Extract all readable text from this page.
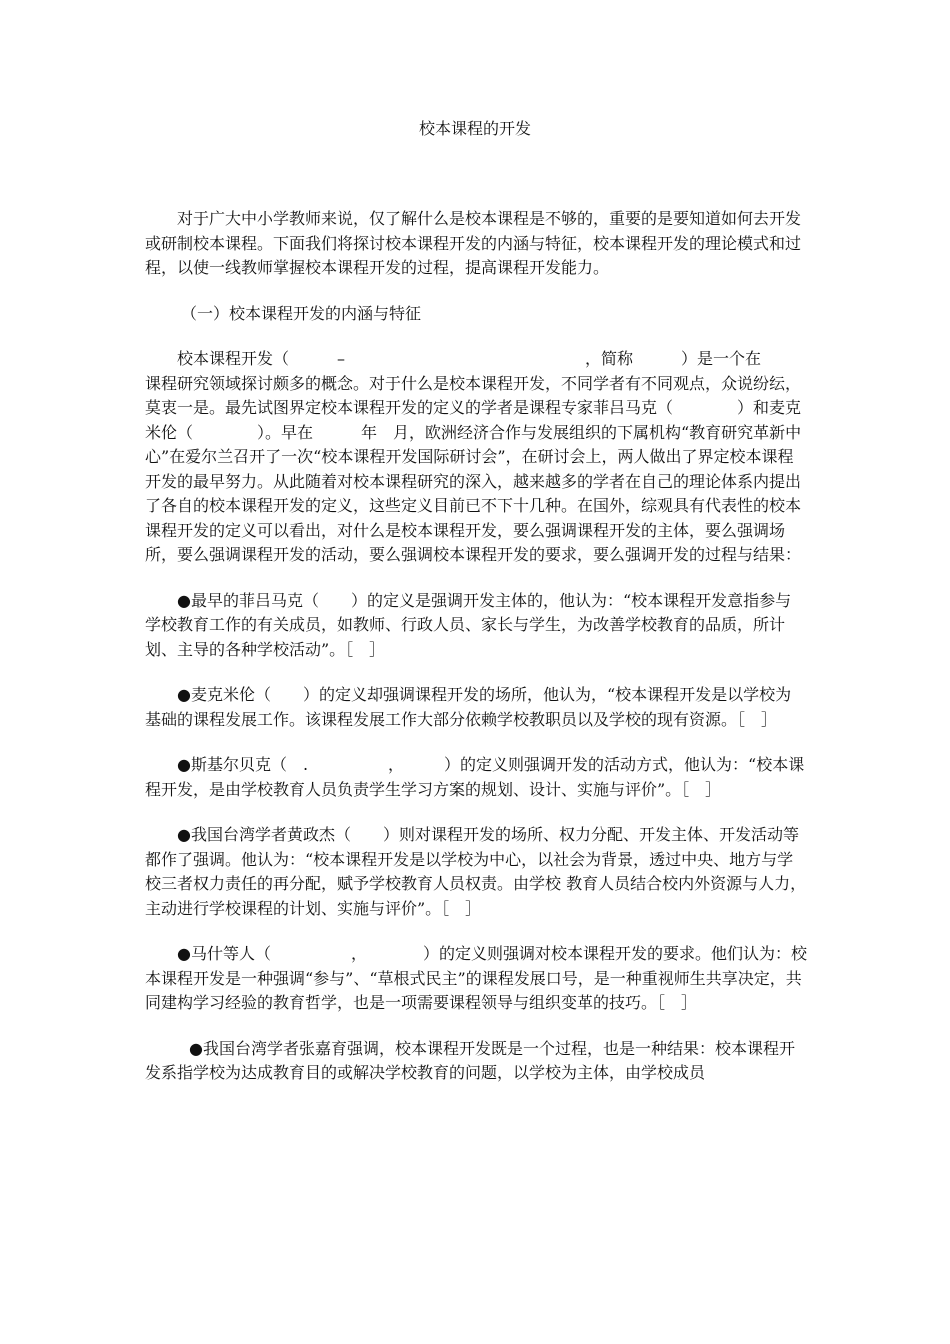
校本课程的开发

对于广大中小学教师来说，仅了解什么是校本课程是不够的，重要的是要知道如何去开发或研制校本课程。下面我们将探讨校本课程开发的内涵与特征，校本课程开发的理论模式和过程，以使一线教师掌握校本课程开发的过程，提高课程开发能力。

（一）校本课程开发的内涵与特征

校本课程开发（　　　–　　　　　　　　　　　　　　　，简称　　　）是一个在
课程研究领域探讨颇多的概念。对于什么是校本课程开发，不同学者有不同观点，众说纷纭，莫衷一是。最先试图界定校本课程开发的定义的学者是课程专家菲吕马克（　　　　）和麦克米伦（　　　　）。早在　　　年　月，欧洲经济合作与发展组织的下属机构“教育研究革新中心”在爱尔兰召开了一次“校本课程开发国际研讨会”，在研讨会上，两人做出了界定校本课程开发的最早努力。从此随着对校本课程研究的深入，越来越多的学者在自己的理论体系内提出了各自的校本课程开发的定义，这些定义目前已不下十几种。在国外，综观具有代表性的校本课程开发的定义可以看出，对什么是校本课程开发，要么强调课程开发的主体，要么强调场所，要么强调课程开发的活动，要么强调校本课程开发的要求，要么强调开发的过程与结果：

●最早的菲吕马克（　　）的定义是强调开发主体的，他认为：“校本课程开发意指参与学校教育工作的有关成员，如教师、行政人员、家长与学生，为改善学校教育的品质，所计划、主导的各种学校活动”。［　］

●麦克米伦（　　）的定义却强调课程开发的场所，他认为，“校本课程开发是以学校为基础的课程发展工作。该课程发展工作大部分依赖学校教职员以及学校的现有资源。［　］

●斯基尔贝克（　.　　　　　，　　　）的定义则强调开发的活动方式，他认为：“校本课程开发，是由学校教育人员负责学生学习方案的规划、设计、实施与评价”。［　］

●我国台湾学者黄政杰（　　）则对课程开发的场所、权力分配、开发主体、开发活动等都作了强调。他认为：“校本课程开发是以学校为中心，以社会为背景，透过中央、地方与学校三者权力责任的再分配，赋予学校教育人员权责。由学校 教育人员结合校内外资源与人力，主动进行学校课程的计划、实施与评价”。［　］

●马什等人（　　　　　，　　　　）的定义则强调对校本课程开发的要求。他们认为：校本课程开发是一种强调“参与”、“草根式民主”的课程发展口号，是一种重视师生共享决定，共同建构学习经验的教育哲学，也是一项需要课程领导与组织变革的技巧。［　］

●我国台湾学者张嘉育强调，校本课程开发既是一个过程，也是一种结果：校本课程开发系指学校为达成教育目的或解决学校教育的问题，以学校为主体，由学校成员
